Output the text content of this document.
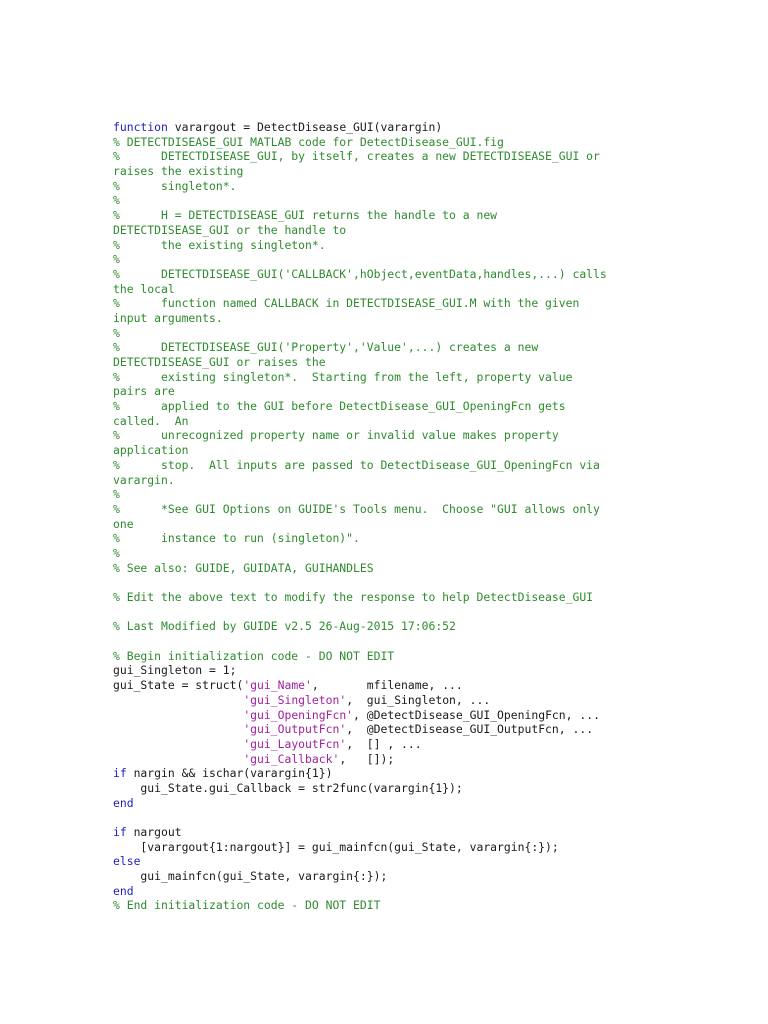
function varargout = DetectDisease_GUI(varargin)
% DETECTDISEASE_GUI MATLAB code for DetectDisease_GUI.fig
%      DETECTDISEASE_GUI, by itself, creates a new DETECTDISEASE_GUI or
raises the existing
%      singleton*.
%
%      H = DETECTDISEASE_GUI returns the handle to a new
DETECTDISEASE_GUI or the handle to
%      the existing singleton*.
%
%      DETECTDISEASE_GUI('CALLBACK',hObject,eventData,handles,...) calls
the local
%      function named CALLBACK in DETECTDISEASE_GUI.M with the given
input arguments.
%
%      DETECTDISEASE_GUI('Property','Value',...) creates a new
DETECTDISEASE_GUI or raises the
%      existing singleton*.  Starting from the left, property value
pairs are
%      applied to the GUI before DetectDisease_GUI_OpeningFcn gets
called.  An
%      unrecognized property name or invalid value makes property
application
%      stop.  All inputs are passed to DetectDisease_GUI_OpeningFcn via
varargin.
%
%      *See GUI Options on GUIDE's Tools menu.  Choose "GUI allows only
one
%      instance to run (singleton)".
%
% See also: GUIDE, GUIDATA, GUIHANDLES
% Edit the above text to modify the response to help DetectDisease_GUI
% Last Modified by GUIDE v2.5 26-Aug-2015 17:06:52
% Begin initialization code - DO NOT EDIT
gui_Singleton = 1;
gui_State = struct('gui_Name',       mfilename, ...
'gui_Singleton',  gui_Singleton, ...
'gui_OpeningFcn', @DetectDisease_GUI_OpeningFcn, ...
'gui_OutputFcn',  @DetectDisease_GUI_OutputFcn, ...
'gui_LayoutFcn',  [] , ...
'gui_Callback',   []);
if nargin && ischar(varargin{1})
gui_State.gui_Callback = str2func(varargin{1});
end
if nargout
[varargout{1:nargout}] = gui_mainfcn(gui_State, varargin{:});
else
gui_mainfcn(gui_State, varargin{:});
end
% End initialization code - DO NOT EDIT
